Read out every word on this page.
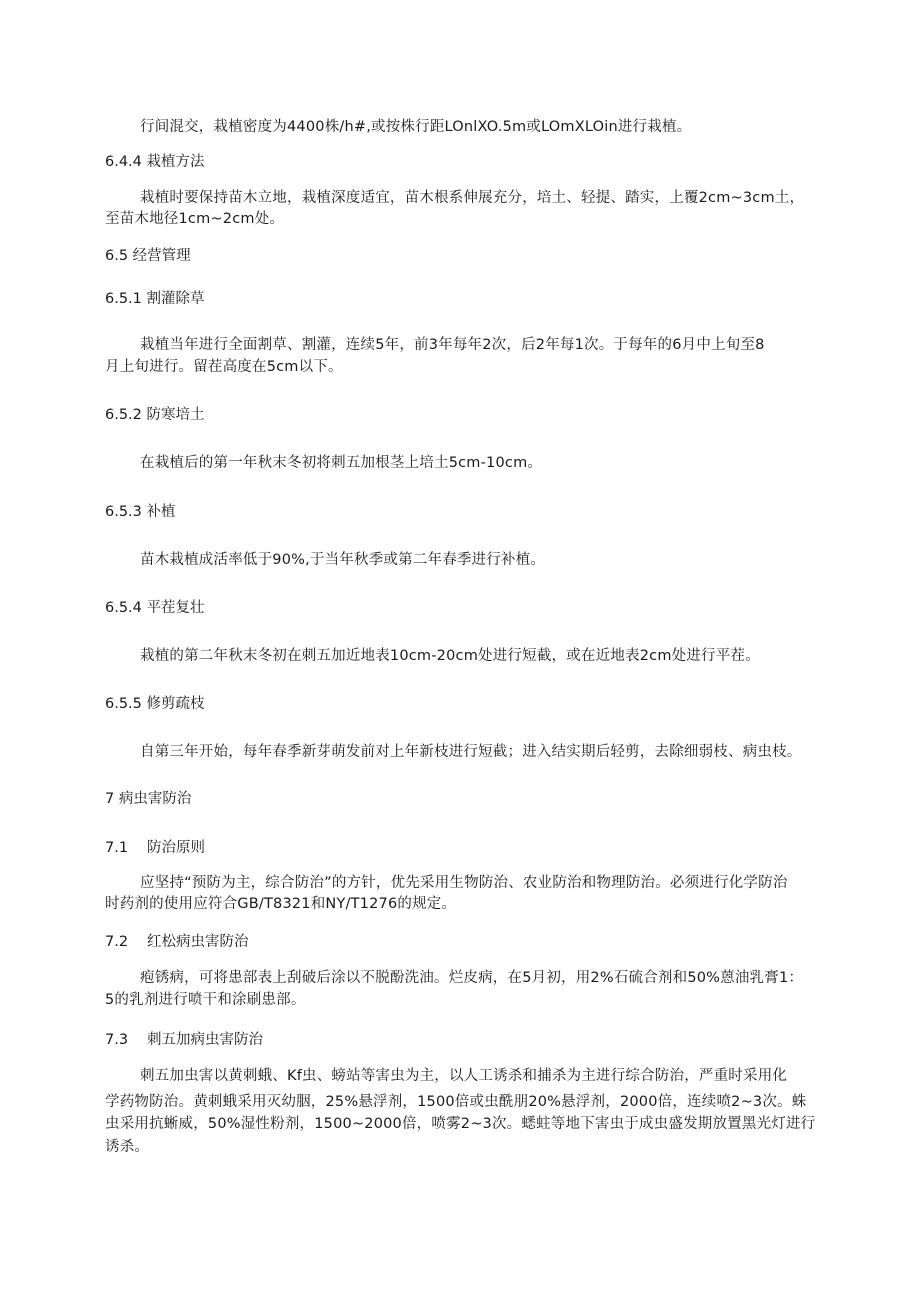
行间混交，栽植密度为4400株/h#,或按株行距LOnlXO.5m或LOmXLOin进行栽植。
6.4.4 栽植方法
栽植时要保持苗木立地，栽植深度适宜，苗木根系伸展充分，培土、轻提、踏实，上覆2cm~3cm土，
至苗木地径1cm~2cm处。
6.5 经营管理
6.5.1 割灌除草
栽植当年进行全面割草、割灌，连续5年，前3年每年2次，后2年每1次。于每年的6月中上旬至8
月上旬进行。留茬高度在5cm以下。
6.5.2 防寒培土
在栽植后的第一年秋末冬初将刺五加根茎上培土5cm-10cm。
6.5.3 补植
苗木栽植成活率低于90%,于当年秋季或第二年春季进行补植。
6.5.4 平茬复壮
栽植的第二年秋末冬初在刺五加近地表10cm-20cm处进行短截，或在近地表2cm处进行平茬。
6.5.5 修剪疏枝
自第三年开始，每年春季新芽萌发前对上年新枝进行短截；进入结实期后轻剪，去除细弱枝、病虫枝。
7 病虫害防治
7.1 防治原则
应坚持“预防为主，综合防治”的方针，优先采用生物防治、农业防治和物理防治。必须进行化学防治
时药剂的使用应符合GB/T8321和NY/T1276的规定。
7.2 红松病虫害防治
疱锈病，可将患部表上刮破后涂以不脱酚洗油。烂皮病，在5月初，用2%石硫合剂和50%蒽油乳膏1：
5的乳剂进行喷干和涂刷患部。
7.3 刺五加病虫害防治
刺五加虫害以黄刺蛾、Kf虫、螃站等害虫为主，以人工诱杀和捕杀为主进行综合防治，严重时采用化
学药物防治。黄刺蛾采用灭幼胭，25%悬浮剂，1500倍或虫酰朋20%悬浮剂，2000倍，连续喷2~3次。蛛
虫采用抗蜥威，50%湿性粉剂，1500~2000倍，喷雾2~3次。蟋蛀等地下害虫于成虫盛发期放置黑光灯进行
诱杀。
